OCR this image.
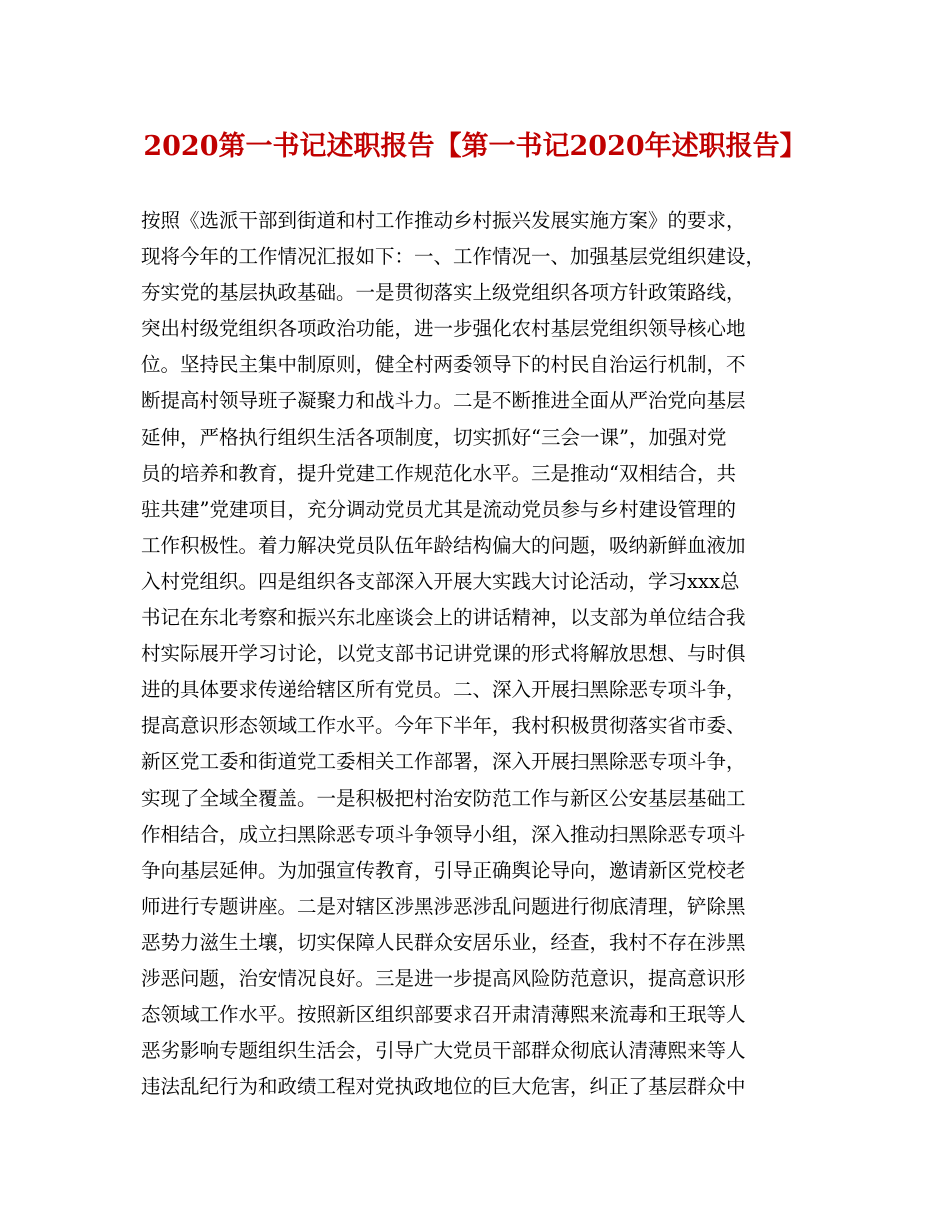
2020第一书记述职报告【第一书记2020年述职报告】
按照《选派干部到街道和村工作推动乡村振兴发展实施方案》的要求，
现将今年的工作情况汇报如下：一、工作情况一、加强基层党组织建设，
夯实党的基层执政基础。一是贯彻落实上级党组织各项方针政策路线，
突出村级党组织各项政治功能，进一步强化农村基层党组织领导核心地
位。坚持民主集中制原则，健全村两委领导下的村民自治运行机制，不
断提高村领导班子凝聚力和战斗力。二是不断推进全面从严治党向基层
延伸，严格执行组织生活各项制度，切实抓好“三会一课”，加强对党
员的培养和教育，提升党建工作规范化水平。三是推动“双相结合，共
驻共建”党建项目，充分调动党员尤其是流动党员参与乡村建设管理的
工作积极性。着力解决党员队伍年龄结构偏大的问题，吸纳新鲜血液加
入村党组织。四是组织各支部深入开展大实践大讨论活动，学习xxx总
书记在东北考察和振兴东北座谈会上的讲话精神，以支部为单位结合我
村实际展开学习讨论，以党支部书记讲党课的形式将解放思想、与时俱
进的具体要求传递给辖区所有党员。二、深入开展扫黑除恶专项斗争，
提高意识形态领域工作水平。今年下半年，我村积极贯彻落实省市委、
新区党工委和街道党工委相关工作部署，深入开展扫黑除恶专项斗争，
实现了全域全覆盖。一是积极把村治安防范工作与新区公安基层基础工
作相结合，成立扫黑除恶专项斗争领导小组，深入推动扫黑除恶专项斗
争向基层延伸。为加强宣传教育，引导正确舆论导向，邀请新区党校老
师进行专题讲座。二是对辖区涉黑涉恶涉乱问题进行彻底清理，铲除黑
恶势力滋生土壤，切实保障人民群众安居乐业，经查，我村不存在涉黑
涉恶问题，治安情况良好。三是进一步提高风险防范意识，提高意识形
态领域工作水平。按照新区组织部要求召开肃清薄熙来流毒和王珉等人
恶劣影响专题组织生活会，引导广大党员干部群众彻底认清薄熙来等人
违法乱纪行为和政绩工程对党执政地位的巨大危害，纠正了基层群众中
